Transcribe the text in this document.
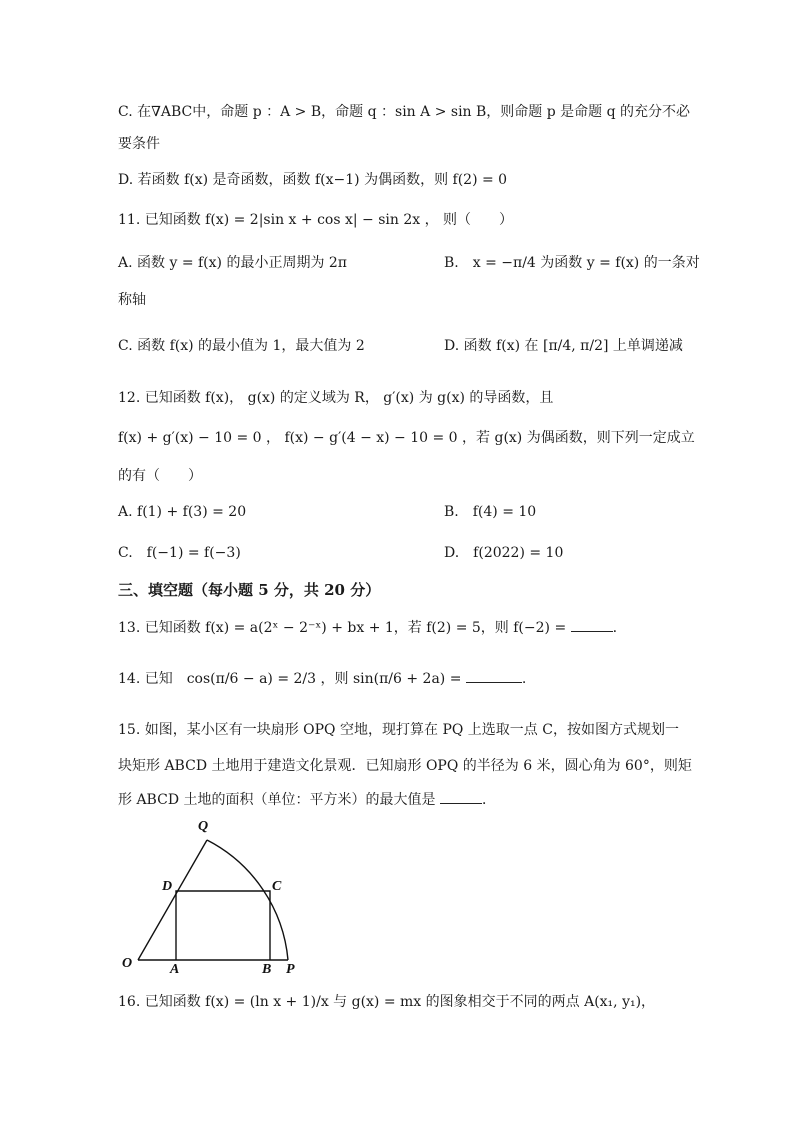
C. 在∇ABC中，命题 p ：A > B，命题 q ：sin A > sin B，则命题 p 是命题 q 的充分不必
要条件
D. 若函数 f(x) 是奇函数，函数 f(x−1) 为偶函数，则 f(2) = 0
11. 已知函数 f(x) = 2|sin x + cos x| − sin 2x ， 则（　　）
A. 函数 y = f(x) 的最小正周期为 2π	B.　x = −π/4 为函数 y = f(x) 的一条对
称轴
C. 函数 f(x) 的最小值为 1，最大值为 2	D. 函数 f(x) 在 [π/4, π/2] 上单调递减
12. 已知函数 f(x)， g(x) 的定义域为 R， g′(x) 为 g(x) 的导函数，且
f(x) + g′(x) − 10 = 0 ， f(x) − g′(4 − x) − 10 = 0 ，若 g(x) 为偶函数，则下列一定成立
的有（　　）
A. f(1) + f(3) = 20	B.　f(4) = 10
C.　f(−1) = f(−3)	D.　f(2022) = 10
三、填空题（每小题 5 分，共 20 分）
13. 已知函数 f(x) = a(2ˣ − 2⁻ˣ) + bx + 1，若 f(2) = 5，则 f(−2) =	.
14. 已知　cos(π/6 − a) = 2/3 ，则 sin(π/6 + 2a) =	.
15. 如图，某小区有一块扇形 OPQ 空地，现打算在 PQ 上选取一点 C，按如图方式规划一
块矩形 ABCD 土地用于建造文化景观．已知扇形 OPQ 的半径为 6 米，圆心角为 60°，则矩
形 ABCD 土地的面积（单位：平方米）的最大值是	．
O	A	B P
Q
D	C
16. 已知函数 f(x) = (ln x + 1)/x 与 g(x) = mx 的图象相交于不同的两点 A(x₁, y₁)，
